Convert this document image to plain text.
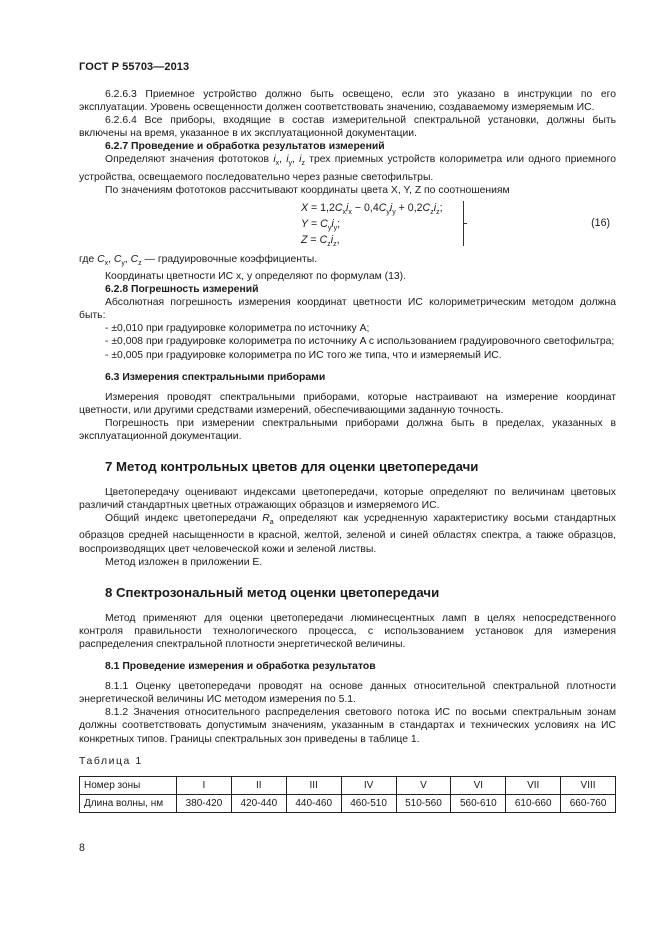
ГОСТ Р 55703—2013

6.2.6.3 Приемное устройство должно быть освещено, если это указано в инструкции по его эксплуатации. Уровень освещенности должен соответствовать значению, создаваемому измеряемым ИС.

6.2.6.4 Все приборы, входящие в состав измерительной спектральной установки, должны быть включены на время, указанное в их эксплуатационной документации.

6.2.7 Проведение и обработка результатов измерений

Определяют значения фототоков $i_x$, $i_y$, $i_z$ трех приемных устройств колориметра или одного приемного устройства, освещаемого последовательно через разные светофильтры.

По значениям фототоков рассчитывают координаты цвета X, Y, Z по соотношениям

$X = 1,2C_xi_x - 0,4C_yi_y + 0,2C_zi_z$;
$Y = C_yi_y$;
$Z = C_zi_z$,
(16)

где $C_x$, $C_y$, $C_z$ — градуировочные коэффициенты.

Координаты цветности ИС x, y определяют по формулам (13).

6.2.8 Погрешность измерений

Абсолютная погрешность измерения координат цветности ИС колориметрическим методом должна быть:

- ±0,010 при градуировке колориметра по источнику A;

- ±0,008 при градуировке колориметра по источнику A с использованием градуировочного светофильтра;

- ±0,005 при градуировке колориметра по ИС того же типа, что и измеряемый ИС.

6.3 Измерения спектральными приборами

Измерения проводят спектральными приборами, которые настраивают на измерение координат цветности, или другими средствами измерений, обеспечивающими заданную точность.

Погрешность при измерении спектральными приборами должна быть в пределах, указанных в эксплуатационной документации.

7 Метод контрольных цветов для оценки цветопередачи

Цветопередачу оценивают индексами цветопередачи, которые определяют по величинам цветовых различий стандартных цветных отражающих образцов и измеряемого ИС.

Общий индекс цветопередачи $R_a$ определяют как усредненную характеристику восьми стандартных образцов средней насыщенности в красной, желтой, зеленой и синей областях спектра, а также образцов, воспроизводящих цвет человеческой кожи и зеленой листвы.

Метод изложен в приложении Е.

8 Спектрозональный метод оценки цветопередачи

Метод применяют для оценки цветопередачи люминесцентных ламп в целях непосредственного контроля правильности технологического процесса, с использованием установок для измерения распределения спектральной плотности энергетической величины.

8.1 Проведение измерения и обработка результатов

8.1.1 Оценку цветопередачи проводят на основе данных относительной спектральной плотности энергетической величины ИС методом измерения по 5.1.

8.1.2 Значения относительного распределения светового потока ИС по восьми спектральным зонам должны соответствовать допустимым значениям, указанным в стандартах и технических условиях на ИС конкретных типов. Границы спектральных зон приведены в таблице 1.

Таблица 1

Номер зоны	I	II	III	IV	V	VI	VII	VIII
Длина волны, нм	380-420	420-440	440-460	460-510	510-560	560-610	610-660	660-760
8
